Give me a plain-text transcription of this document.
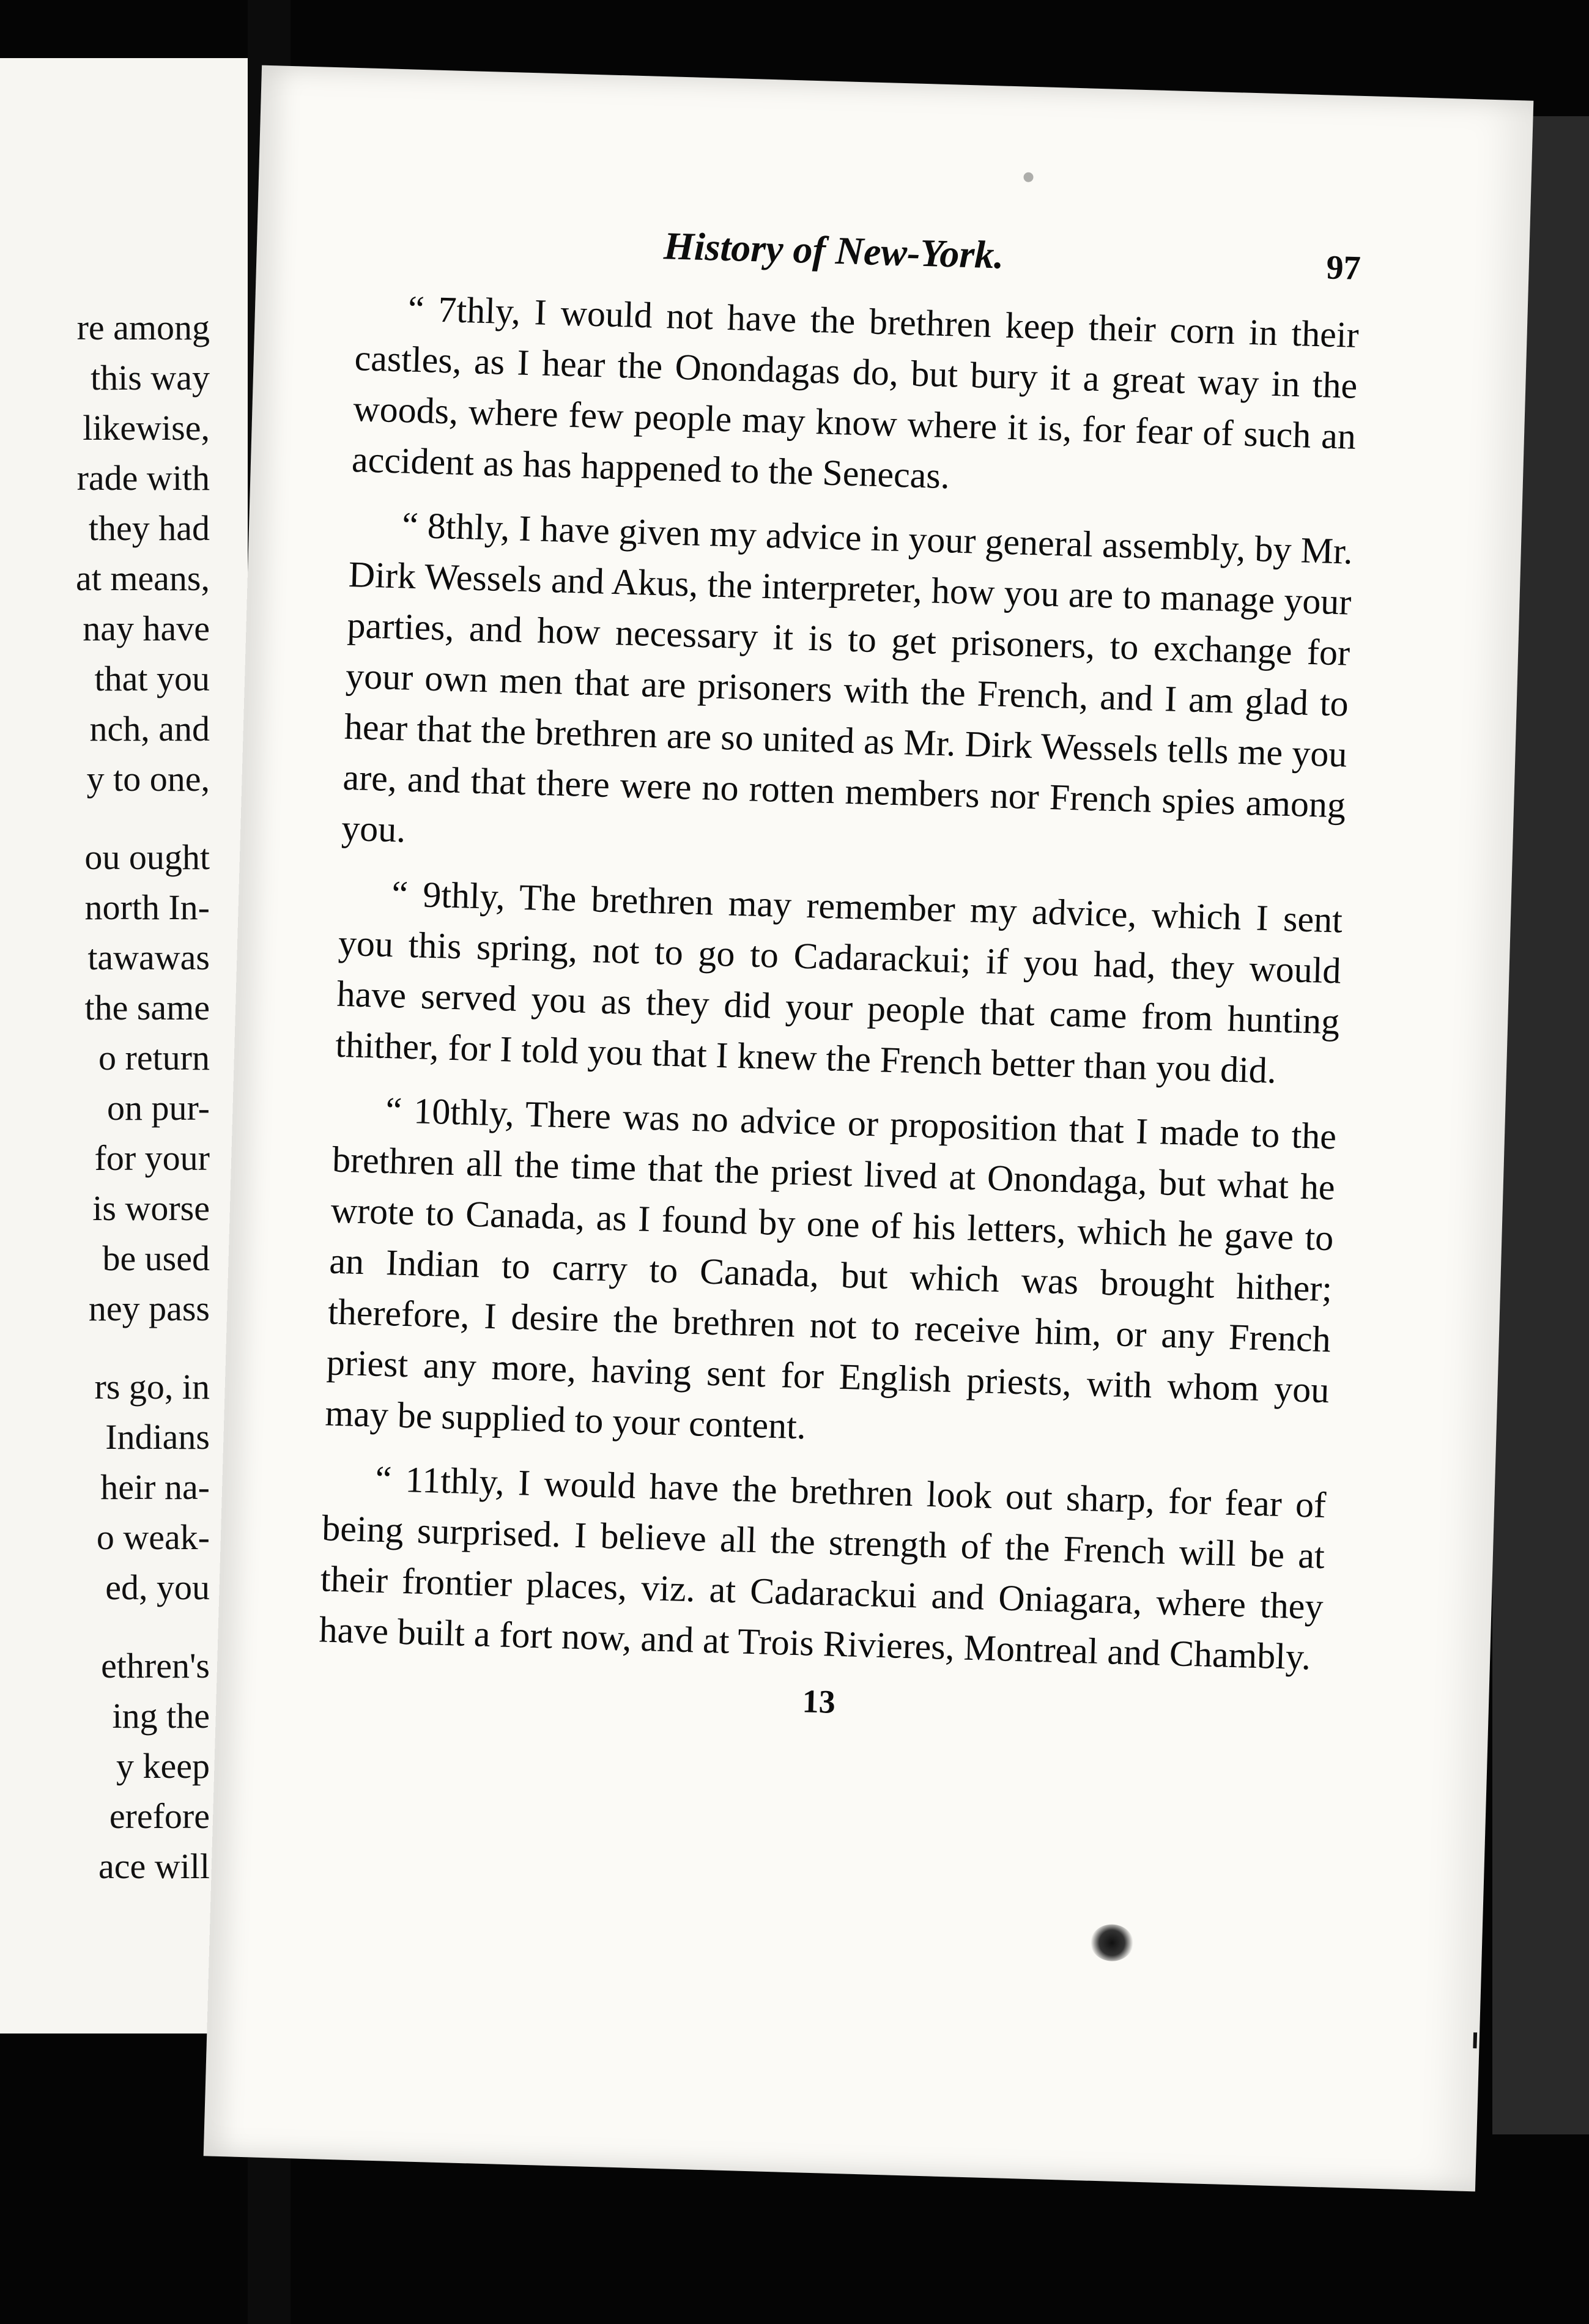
re among
this way
likewise,
rade with
they had
at means,
nay have
that you
nch, and
y to one,
ou ought
north In-
tawawas
the same
o return
on pur-
for your
is worse
be used
ney pass
rs go, in
Indians
heir na-
o weak-
ed, you
ethren's
ing the
y keep
erefore
ace will
History of New-York.	97

“ 7thly, I would not have the brethren keep their corn in their castles, as I hear the Onondagas do, but bury it a great way in the woods, where few people may know where it is, for fear of such an accident as has happened to the Senecas.

“ 8thly, I have given my advice in your general assembly, by Mr. Dirk Wessels and Akus, the interpreter, how you are to manage your parties, and how necessary it is to get prisoners, to exchange for your own men that are prisoners with the French, and I am glad to hear that the brethren are so united as Mr. Dirk Wessels tells me you are, and that there were no rotten members nor French spies among you.

“ 9thly, The brethren may remember my advice, which I sent you this spring, not to go to Cadarackui; if you had, they would have served you as they did your people that came from hunting thither, for I told you that I knew the French better than you did.

“ 10thly, There was no advice or proposition that I made to the brethren all the time that the priest lived at Onondaga, but what he wrote to Canada, as I found by one of his letters, which he gave to an Indian to carry to Canada, but which was brought hither; therefore, I desire the brethren not to receive him, or any French priest any more, having sent for English priests, with whom you may be supplied to your content.

“ 11thly, I would have the brethren look out sharp, for fear of being surprised. I believe all the strength of the French will be at their frontier places, viz. at Cadarackui and Oniagara, where they have built a fort now, and at Trois Rivieres, Montreal and Chambly.

13
